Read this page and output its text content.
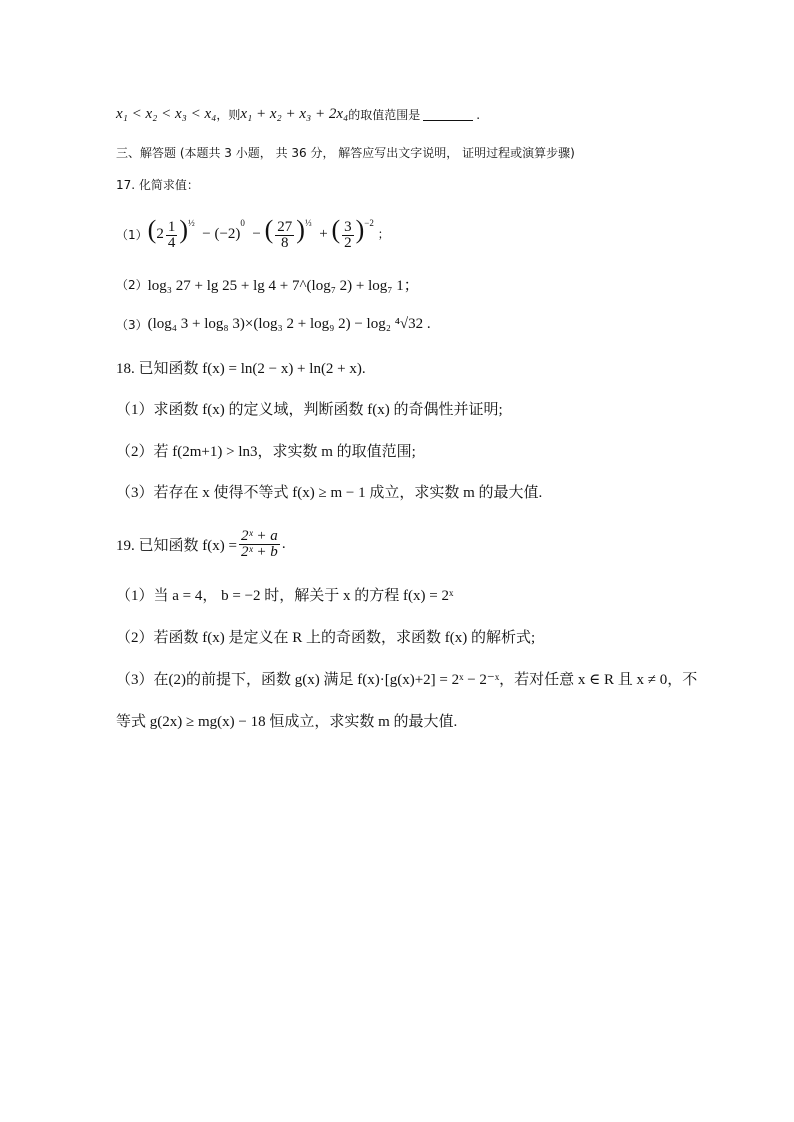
x₁ < x₂ < x₃ < x₄ ，则 x₁ + x₂ + x₃ + 2x₄ 的取值范围是	.
三、解答题 (本题共 3 小题， 共 36 分， 解答应写出文字说明， 证明过程或演算步骤)
17. 化简求值：
（1） $(2 \frac{1}{4} )^{\frac{1}{2}} - (-2)^0$  − ( $\frac{27}{8} )^{\frac{1}{3}}$  + ( $\frac{3}{2} )^{-2}$ ；
（2） log₃ 27 + lg 25 + lg 4 + 7^(log₇ 2) + log₇ 1；
（3） (log₄ 3 + log₈ 3)×(log₃ 2 + log₉ 2) − log₂ ⁴√32 .
18. 已知函数 f(x) = ln(2 − x) + ln(2 + x).
（1）求函数 f(x) 的定义域，判断函数 f(x) 的奇偶性并证明;
（2）若 f(2m+1) > ln3，求实数 m 的取值范围;
（3）若存在 x 使得不等式 f(x) ≥ m − 1 成立，求实数 m 的最大值.
19. 已知函数 $f(x) = \frac{\text{2ˣ + a}}{\text{2ˣ + b}}$ .
（1）当 a = 4， b = −2 时，解关于 x 的方程 f(x) = 2ˣ
（2）若函数 f(x) 是定义在 R 上的奇函数，求函数 f(x) 的解析式;
（3）在(2)的前提下，函数 g(x) 满足 f(x)·[g(x)+2] = 2ˣ − 2⁻ˣ，若对任意 x ∈ R 且 x ≠ 0，不
等式 g(2x) ≥ mg(x) − 18 恒成立，求实数 m 的最大值.
